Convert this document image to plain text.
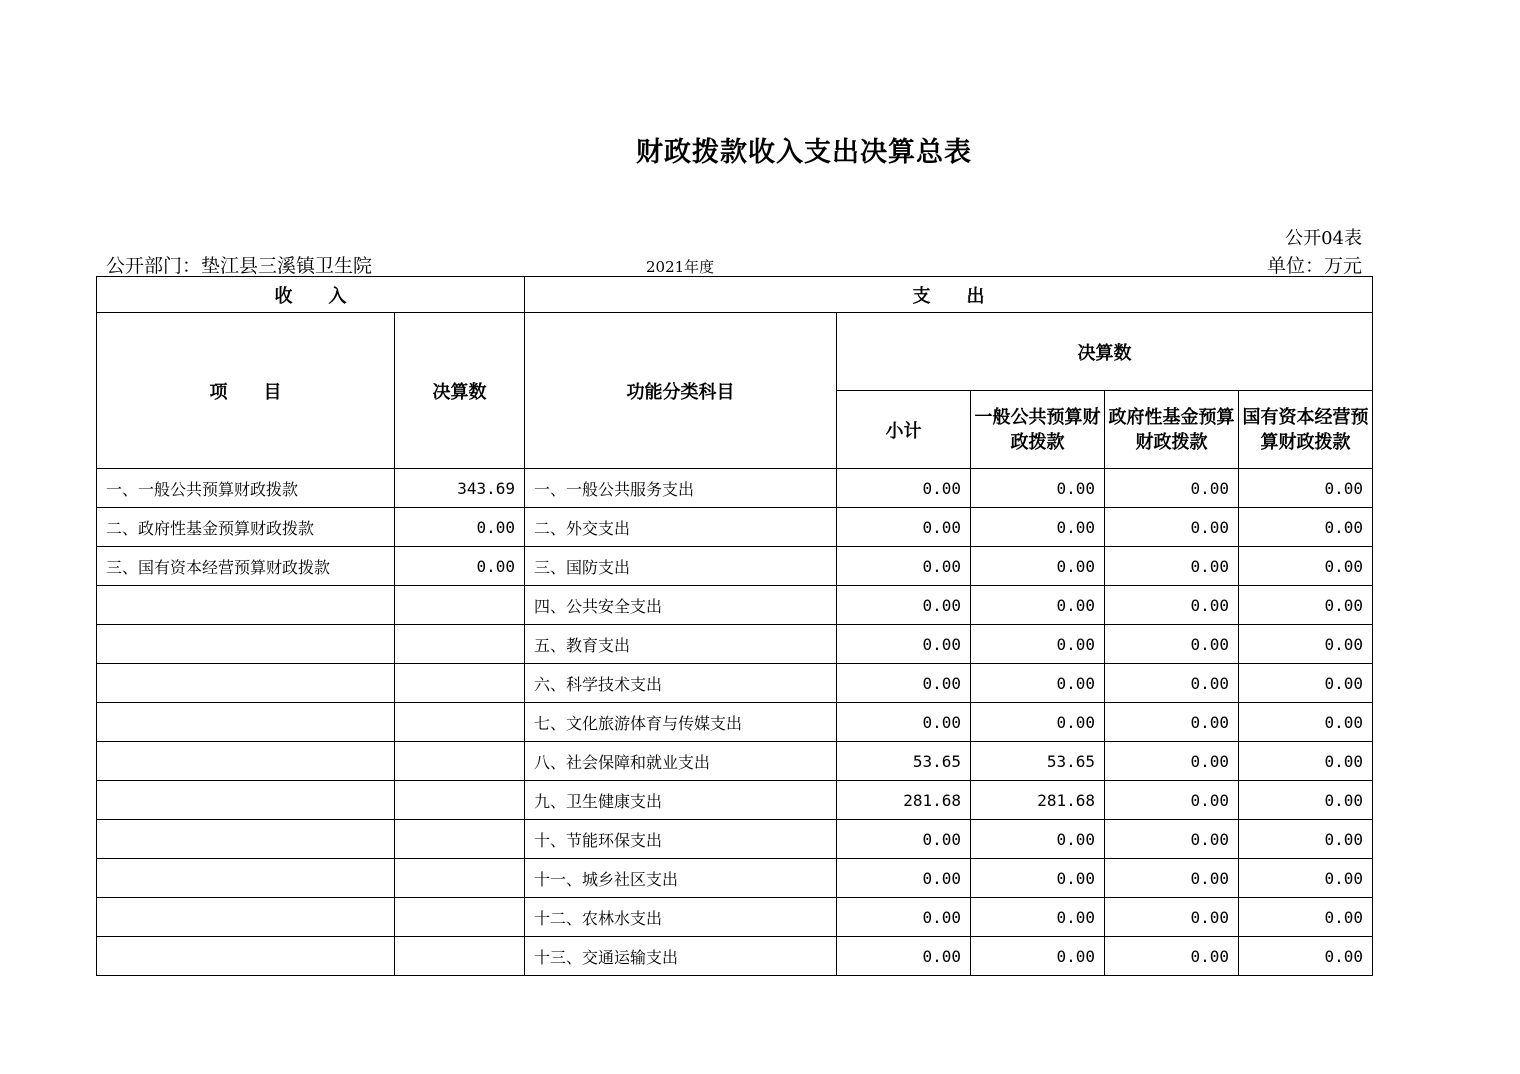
财政拨款收入支出决算总表
公开04表
公开部门：垫江县三溪镇卫生院	2021年度	单位：万元
收　　入		支　　出				
项　　目	决算数	功能分类科目	决算数			
			小计	一般公共预算财政拨款	政府性基金预算财政拨款	国有资本经营预算财政拨款
一、一般公共预算财政拨款	343.69	一、一般公共服务支出	0.00	0.00	0.00	0.00
二、政府性基金预算财政拨款	0.00	二、外交支出	0.00	0.00	0.00	0.00
三、国有资本经营预算财政拨款	0.00	三、国防支出	0.00	0.00	0.00	0.00
		四、公共安全支出	0.00	0.00	0.00	0.00
		五、教育支出	0.00	0.00	0.00	0.00
		六、科学技术支出	0.00	0.00	0.00	0.00
		七、文化旅游体育与传媒支出	0.00	0.00	0.00	0.00
		八、社会保障和就业支出	53.65	53.65	0.00	0.00
		九、卫生健康支出	281.68	281.68	0.00	0.00
		十、节能环保支出	0.00	0.00	0.00	0.00
		十一、城乡社区支出	0.00	0.00	0.00	0.00
		十二、农林水支出	0.00	0.00	0.00	0.00
		十三、交通运输支出	0.00	0.00	0.00	0.00
